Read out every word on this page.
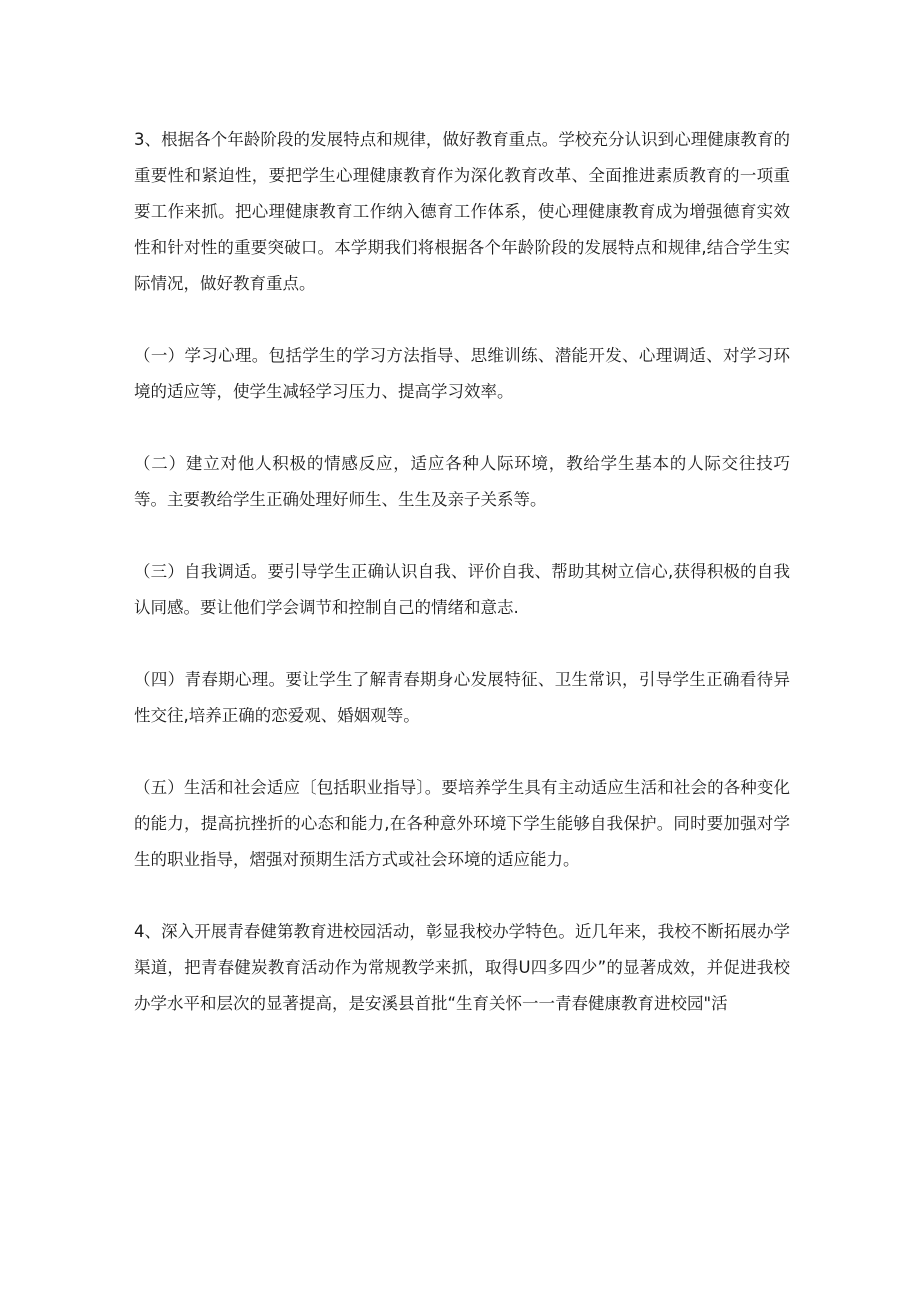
3、根据各个年龄阶段的发展特点和规律，做好教育重点。学校充分认识到心理健康教育的重要性和紧迫性，要把学生心理健康教育作为深化教育改革、全面推进素质教育的一项重要工作来抓。把心理健康教育工作纳入德育工作体系，使心理健康教育成为增强德育实效性和针对性的重要突破口。本学期我们将根据各个年龄阶段的发展特点和规律,结合学生实际情况，做好教育重点。

（一）学习心理。包括学生的学习方法指导、思维训练、潜能开发、心理调适、对学习环境的适应等，使学生减轻学习压力、提高学习效率。

（二）建立对他人积极的情感反应，适应各种人际环境，教给学生基本的人际交往技巧等。主要教给学生正确处理好师生、生生及亲子关系等。

（三）自我调适。要引导学生正确认识自我、评价自我、帮助其树立信心,获得积极的自我认同感。要让他们学会调节和控制自己的情绪和意志.

（四）青春期心理。要让学生了解青春期身心发展特征、卫生常识，引导学生正确看待异性交往,培养正确的恋爱观、婚姻观等。

（五）生活和社会适应〔包括职业指导〕。要培养学生具有主动适应生活和社会的各种变化的能力，提高抗挫折的心态和能力,在各种意外环境下学生能够自我保护。同时要加强对学生的职业指导，熠强对预期生活方式或社会环境的适应能力。

4、深入开展青春健第教育进校园活动，彰显我校办学特色。近几年来，我校不断拓展办学渠道，把青春健炭教育活动作为常规教学来抓，取得U四多四少”的显著成效，并促进我校办学水平和层次的显著提高，是安溪县首批“生育关怀一一青春健康教育进校园"活
